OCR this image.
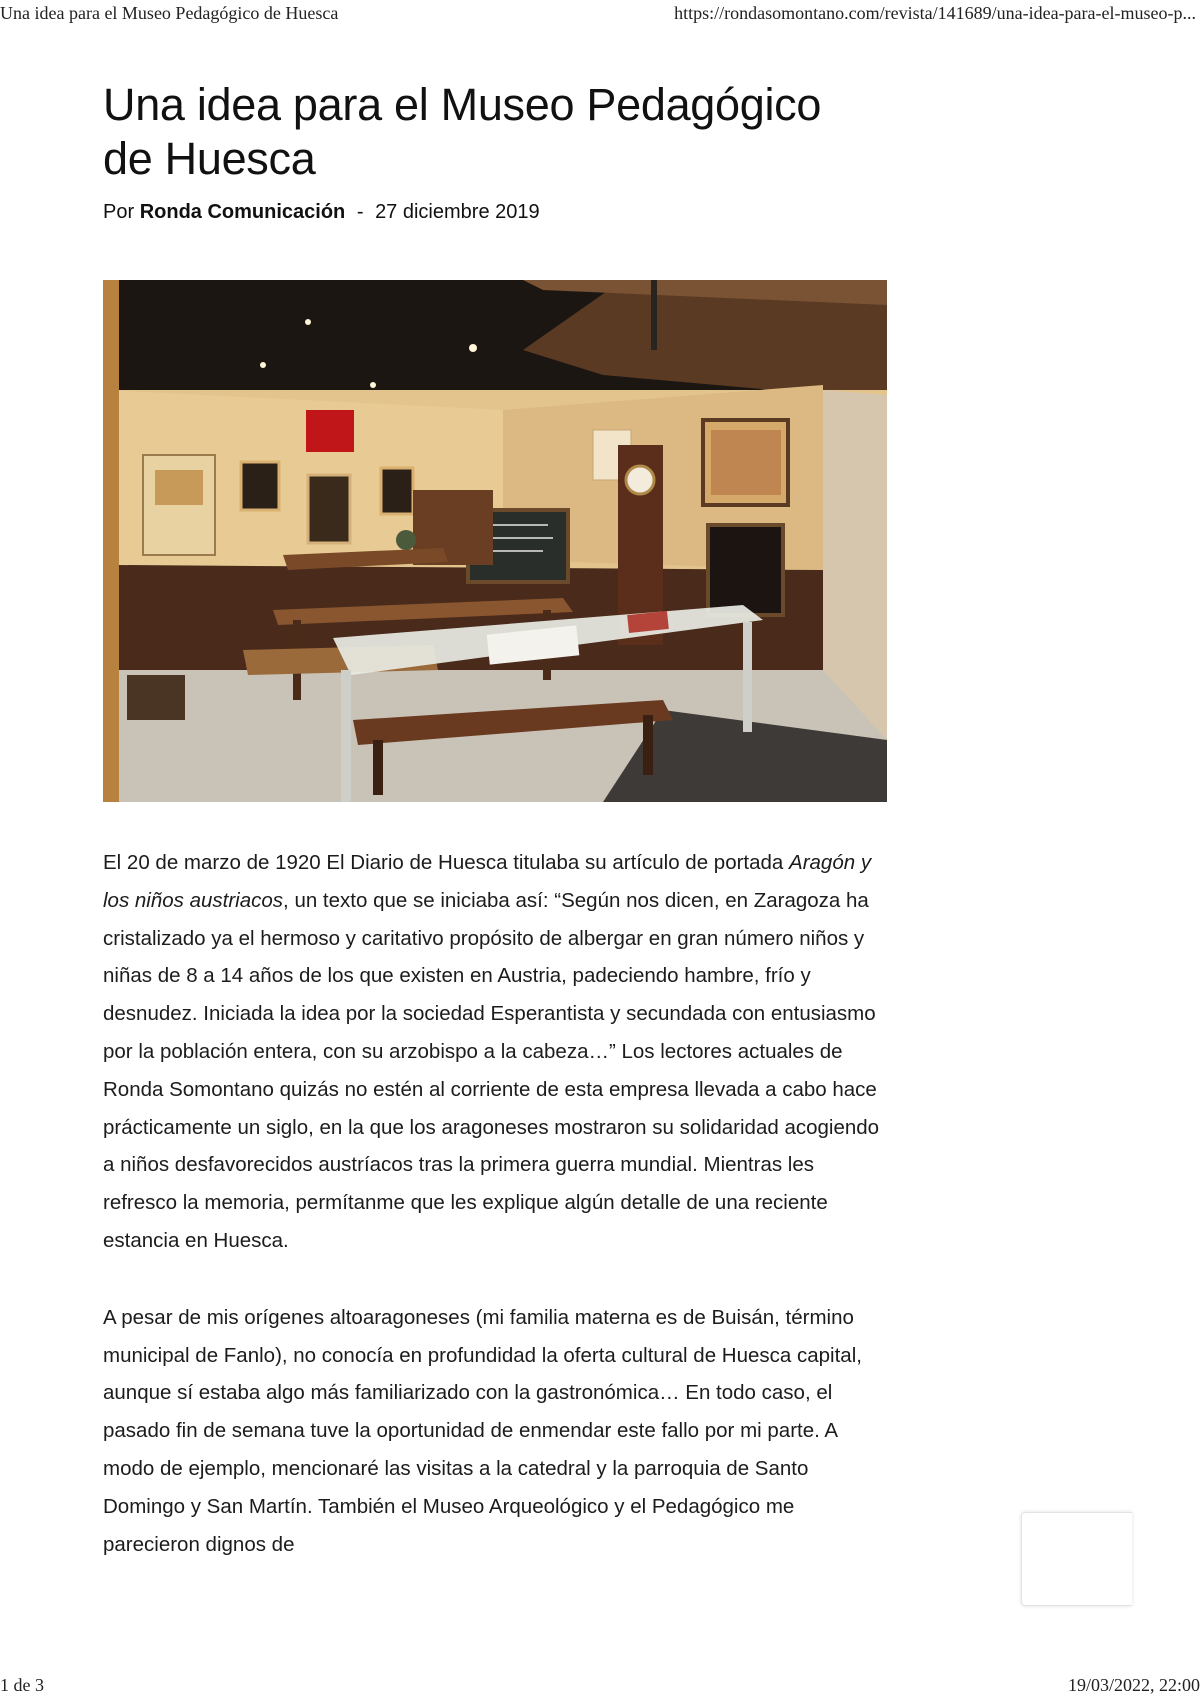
Una idea para el Museo Pedagógico de Huesca	https://rondasomontano.com/revista/141689/una-idea-para-el-museo-p...
Una idea para el Museo Pedagógico de Huesca
Por Ronda Comunicación - 27 diciembre 2019

El 20 de marzo de 1920 El Diario de Huesca titulaba su artículo de portada Aragón y los niños austriacos, un texto que se iniciaba así: “Según nos dicen, en Zaragoza ha cristalizado ya el hermoso y caritativo propósito de albergar en gran número niños y niñas de 8 a 14 años de los que existen en Austria, padeciendo hambre, frío y desnudez. Iniciada la idea por la sociedad Esperantista y secundada con entusiasmo por la población entera, con su arzobispo a la cabeza…” Los lectores actuales de Ronda Somontano quizás no estén al corriente de esta empresa llevada a cabo hace prácticamente un siglo, en la que los aragoneses mostraron su solidaridad acogiendo a niños desfavorecidos austríacos tras la primera guerra mundial. Mientras les refresco la memoria, permítanme que les explique algún detalle de una reciente estancia en Huesca.

A pesar de mis orígenes altoaragoneses (mi familia materna es de Buisán, término municipal de Fanlo), no conocía en profundidad la oferta cultural de Huesca capital, aunque sí estaba algo más familiarizado con la gastronómica… En todo caso, el pasado fin de semana tuve la oportunidad de enmendar este fallo por mi parte. A modo de ejemplo, mencionaré las visitas a la catedral y la parroquia de Santo Domingo y San Martín. También el Museo Arqueológico y el Pedagógico me parecieron dignos de

1 de 3	19/03/2022, 22:00
